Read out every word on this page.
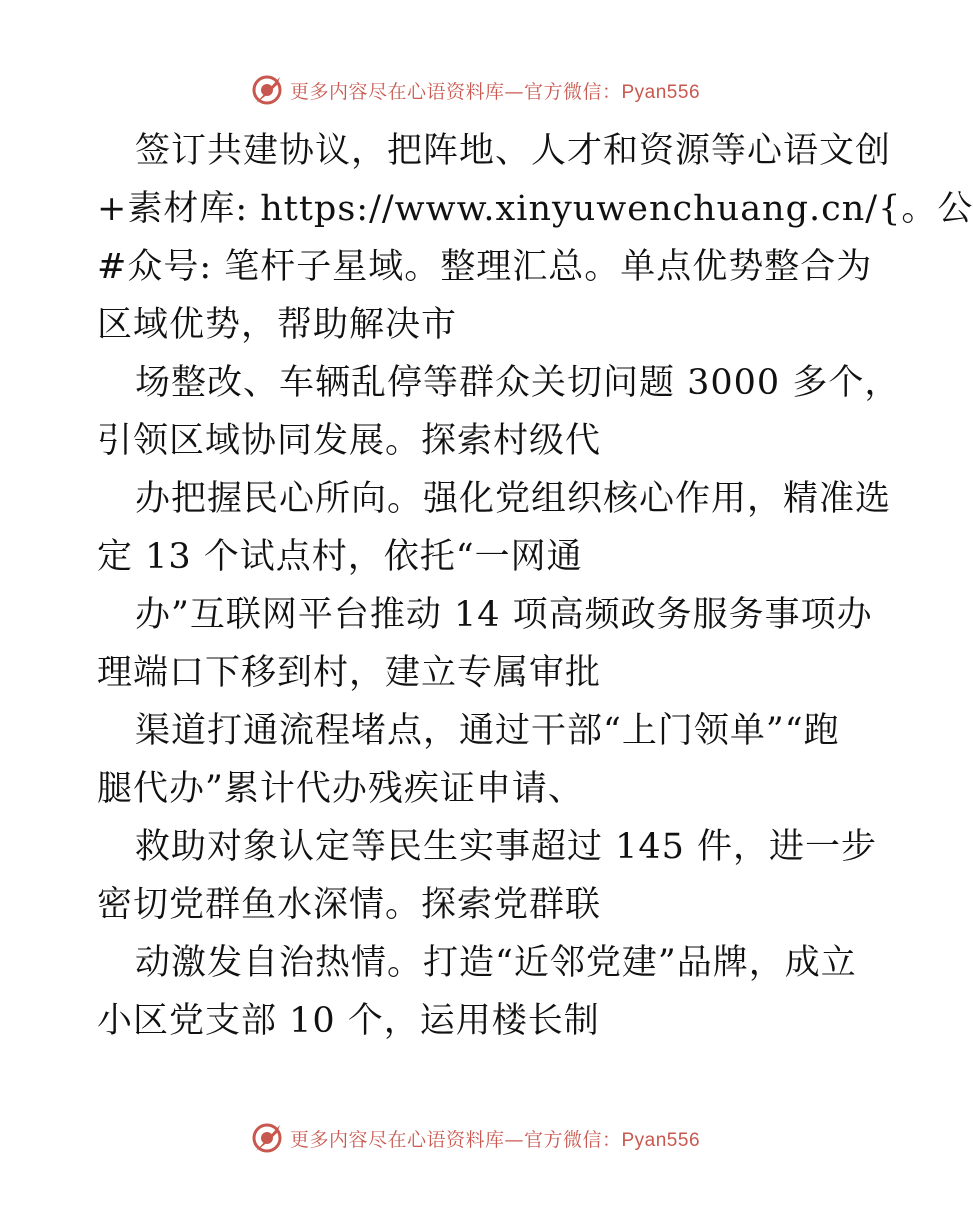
更多内容尽在心语资料库—官方微信：Pyan556
签订共建协议，把阵地、人才和资源等心语文创
+素材库: https://www.xinyuwenchuang.cn/{。公
#众号: 笔杆子星域。整理汇总。单点优势整合为
区域优势，帮助解决市
场整改、车辆乱停等群众关切问题 3000 多个，
引领区域协同发展。探索村级代
办把握民心所向。强化党组织核心作用，精准选
定 13 个试点村，依托“一网通
办”互联网平台推动 14 项高频政务服务事项办
理端口下移到村，建立专属审批
渠道打通流程堵点，通过干部“上门领单”“跑
腿代办”累计代办残疾证申请、
救助对象认定等民生实事超过 145 件，进一步
密切党群鱼水深情。探索党群联
动激发自治热情。打造“近邻党建”品牌，成立
小区党支部 10 个，运用楼长制
更多内容尽在心语资料库—官方微信：Pyan556
